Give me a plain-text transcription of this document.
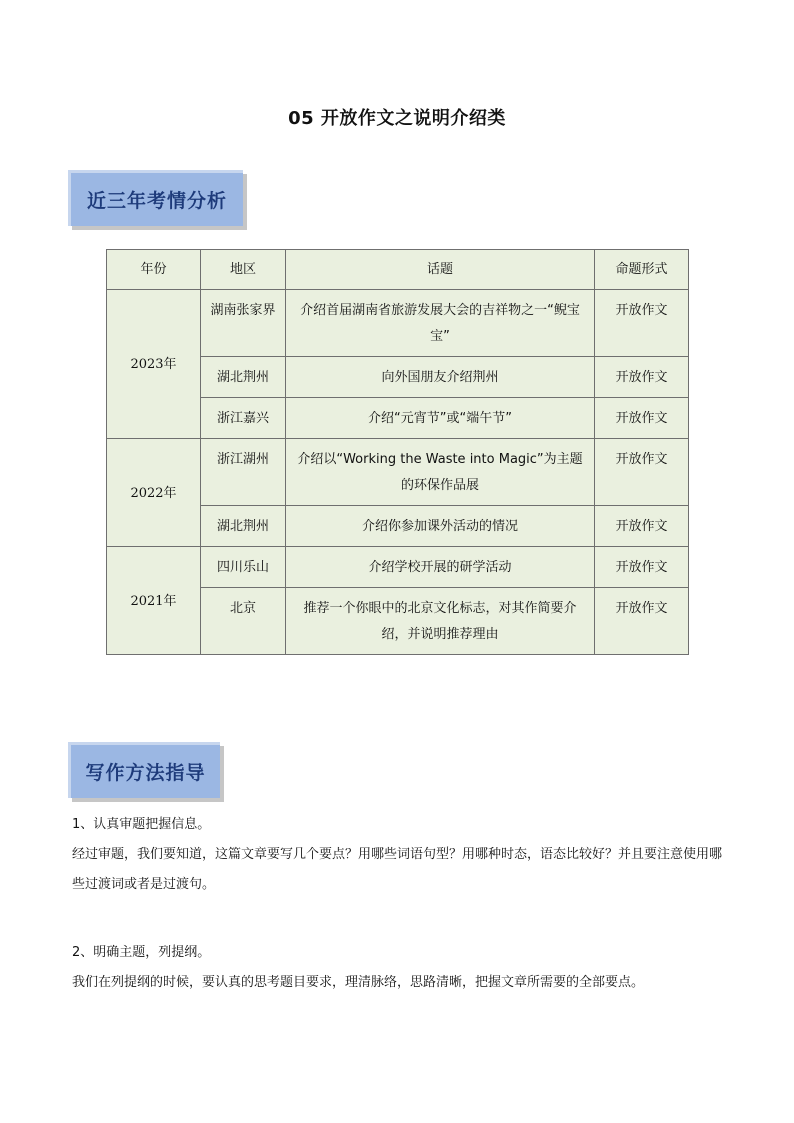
05 开放作文之说明介绍类
近三年考情分析
年份	地区	话题	命题形式
2023年	湖南张家界	介绍首届湖南省旅游发展大会的吉祥物之一“鲵宝宝”	开放作文
	湖北荆州	向外国朋友介绍荆州	开放作文
	浙江嘉兴	介绍“元宵节”或“端午节”	开放作文
2022年	浙江湖州	介绍以“Working the Waste into Magic”为主题的环保作品展	开放作文
	湖北荆州	介绍你参加课外活动的情况	开放作文
2021年	四川乐山	介绍学校开展的研学活动	开放作文
	北京	推荐一个你眼中的北京文化标志，对其作简要介绍，并说明推荐理由	开放作文
写作方法指导
1、认真审题把握信息。
经过审题，我们要知道，这篇文章要写几个要点？用哪些词语句型？用哪种时态，语态比较好？并且要注意使用哪些过渡词或者是过渡句。
2、明确主题，列提纲。
我们在列提纲的时候，要认真的思考题目要求，理清脉络，思路清晰，把握文章所需要的全部要点。
